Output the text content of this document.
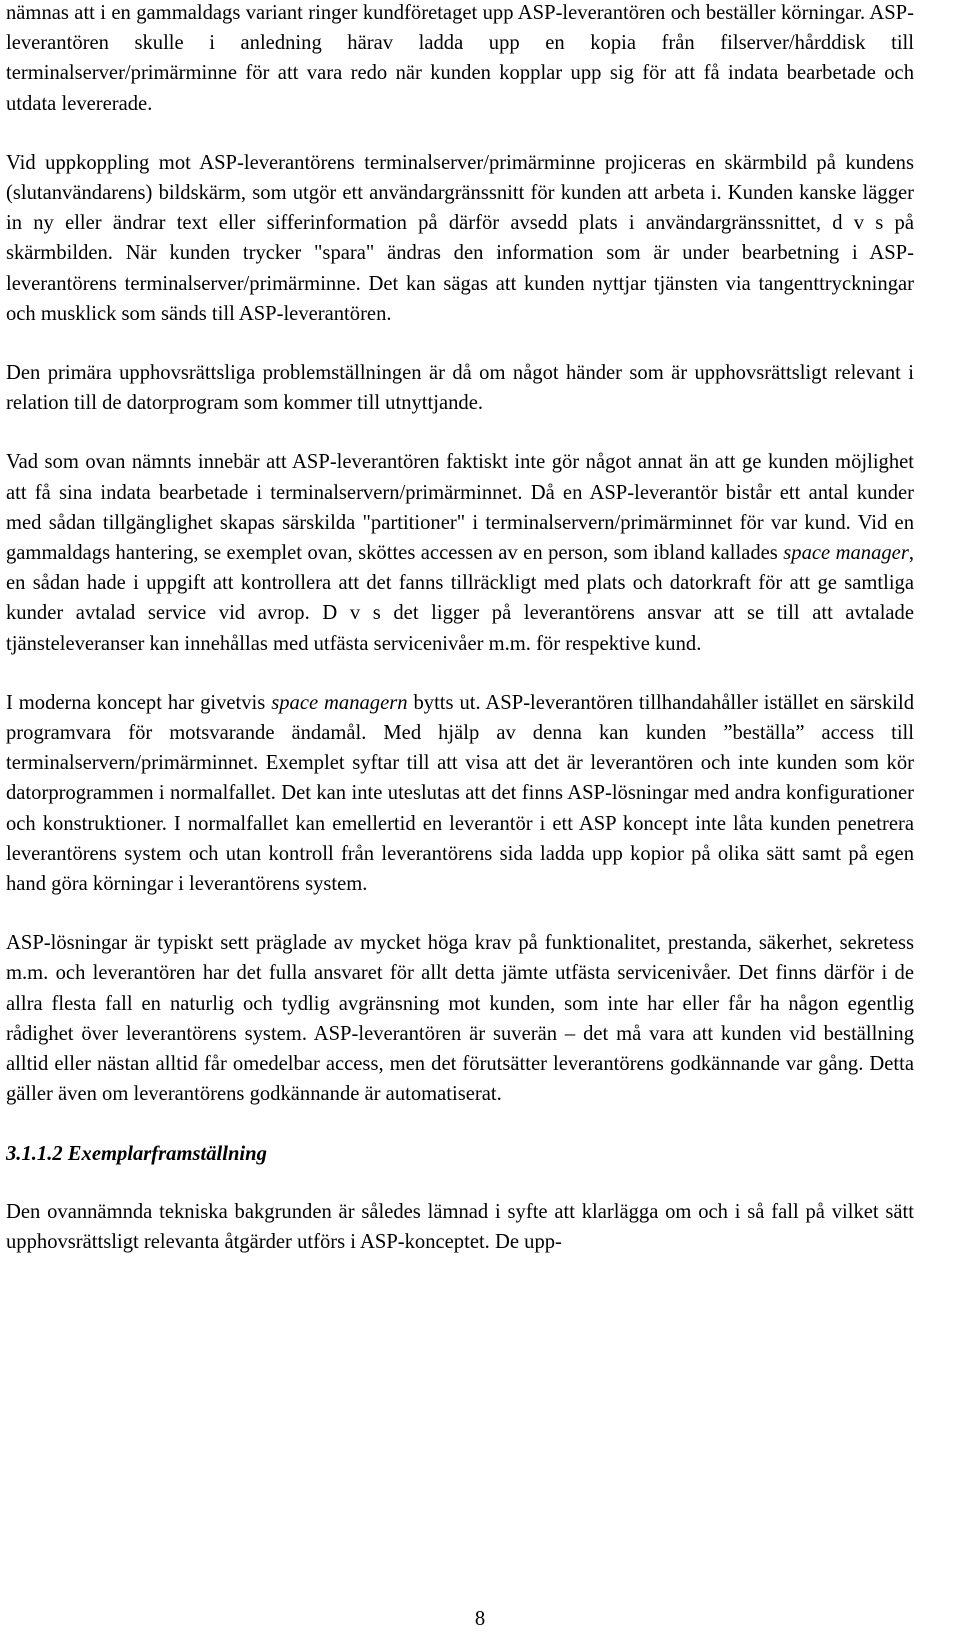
nämnas att i en gammaldags variant ringer kundföretaget upp ASP-leverantören och beställer körningar. ASP-leverantören skulle i anledning härav ladda upp en kopia från filserver/hårddisk till terminalserver/primärminne för att vara redo när kunden kopplar upp sig för att få indata bearbetade och utdata levererade.

Vid uppkoppling mot ASP-leverantörens terminalserver/primärminne projiceras en skärmbild på kundens (slutanvändarens) bildskärm, som utgör ett användargränssnitt för kunden att arbeta i. Kunden kanske lägger in ny eller ändrar text eller sifferinformation på därför avsedd plats i användargränssnittet, d v s på skärmbilden. När kunden trycker "spara" ändras den information som är under bearbetning i ASP-leverantörens terminalserver/primärminne. Det kan sägas att kunden nyttjar tjänsten via tangenttryckningar och musklick som sänds till ASP-leverantören.

Den primära upphovsrättsliga problemställningen är då om något händer som är upphovsrättsligt relevant i relation till de datorprogram som kommer till utnyttjande.

Vad som ovan nämnts innebär att ASP-leverantören faktiskt inte gör något annat än att ge kunden möjlighet att få sina indata bearbetade i terminalservern/primärminnet. Då en ASP-leverantör bistår ett antal kunder med sådan tillgänglighet skapas särskilda "partitioner" i terminalservern/primärminnet för var kund. Vid en gammaldags hantering, se exemplet ovan, sköttes accessen av en person, som ibland kallades space manager, en sådan hade i uppgift att kontrollera att det fanns tillräckligt med plats och datorkraft för att ge samtliga kunder avtalad service vid avrop. D v s det ligger på leverantörens ansvar att se till att avtalade tjänsteleveranser kan innehållas med utfästa servicenivåer m.m. för respektive kund.

I moderna koncept har givetvis space managern bytts ut. ASP-leverantören tillhandahåller istället en särskild programvara för motsvarande ändamål. Med hjälp av denna kan kunden ”beställa” access till terminalservern/primärminnet. Exemplet syftar till att visa att det är leverantören och inte kunden som kör datorprogrammen i normalfallet. Det kan inte uteslutas att det finns ASP-lösningar med andra konfigurationer och konstruktioner. I normalfallet kan emellertid en leverantör i ett ASP koncept inte låta kunden penetrera leverantörens system och utan kontroll från leverantörens sida ladda upp kopior på olika sätt samt på egen hand göra körningar i leverantörens system.

ASP-lösningar är typiskt sett präglade av mycket höga krav på funktionalitet, prestanda, säkerhet, sekretess m.m. och leverantören har det fulla ansvaret för allt detta jämte utfästa servicenivåer. Det finns därför i de allra flesta fall en naturlig och tydlig avgränsning mot kunden, som inte har eller får ha någon egentlig rådighet över leverantörens system. ASP-leverantören är suverän – det må vara att kunden vid beställning alltid eller nästan alltid får omedelbar access, men det förutsätter leverantörens godkännande var gång. Detta gäller även om leverantörens godkännande är automatiserat.

3.1.1.2 Exemplarframställning

Den ovannämnda tekniska bakgrunden är således lämnad i syfte att klarlägga om och i så fall på vilket sätt upphovsrättsligt relevanta åtgärder utförs i ASP-konceptet. De upp-

8
